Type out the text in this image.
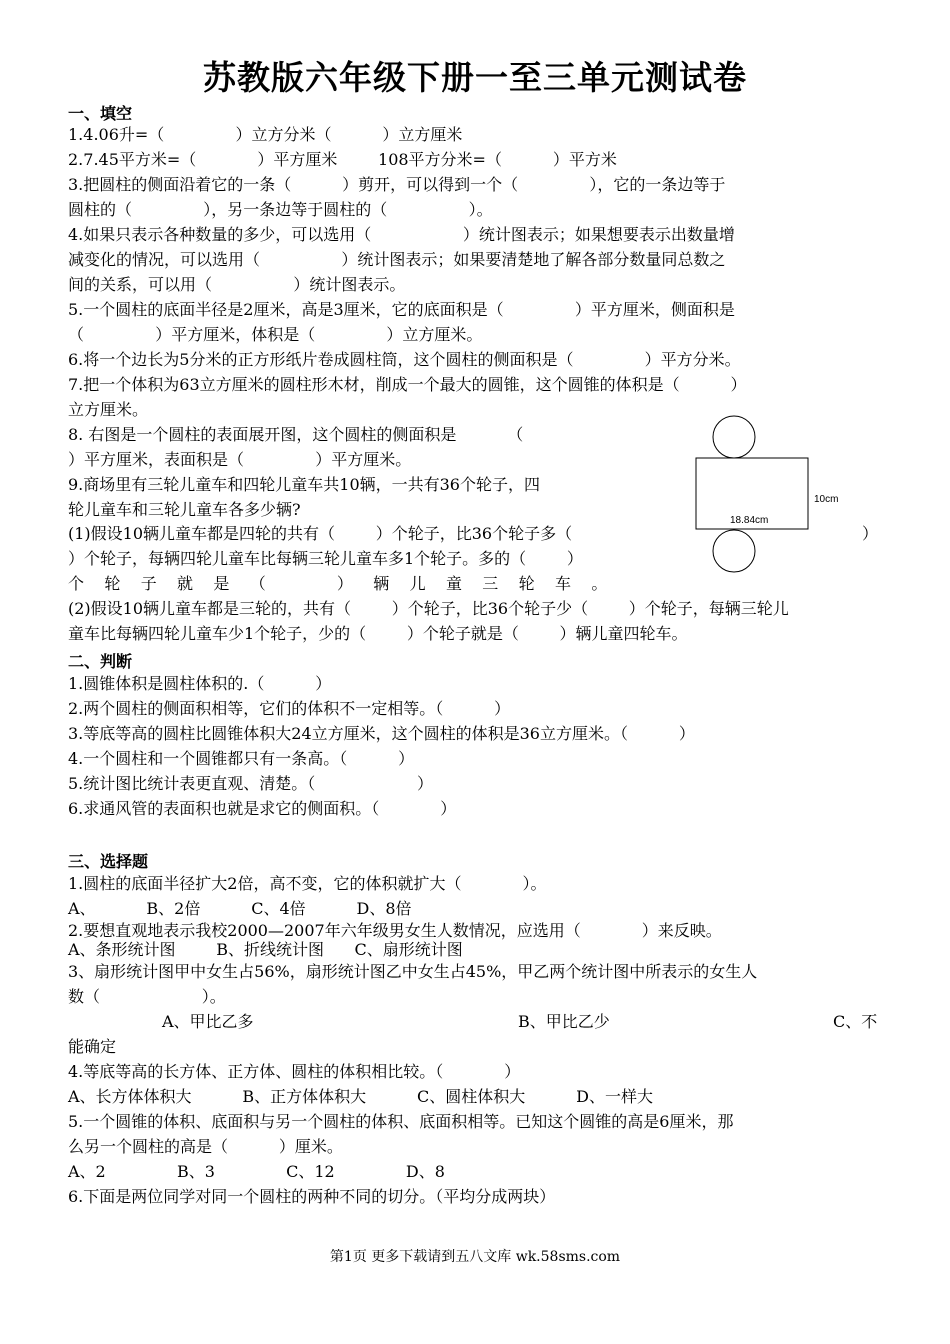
苏教版六年级下册一至三单元测试卷
一、填空
1.4.06升=（              ）立方分米（          ）立方厘米
2.7.45平方米=（            ）平方厘米        108平方分米=（          ）平方米
3.把圆柱的侧面沿着它的一条（          ）剪开，可以得到一个（              ），它的一条边等于
圆柱的（              ），另一条边等于圆柱的（                ）。
4.如果只表示各种数量的多少，可以选用（                  ）统计图表示；如果想要表示出数量增
减变化的情况，可以选用（                ）统计图表示；如果要清楚地了解各部分数量同总数之
间的关系，可以用（                ）统计图表示。
5.一个圆柱的底面半径是2厘米，高是3厘米，它的底面积是（              ）平方厘米，侧面积是
（              ）平方厘米，体积是（              ）立方厘米。
6.将一个边长为5分米的正方形纸片卷成圆柱筒，这个圆柱的侧面积是（              ）平方分米。
7.把一个体积为63立方厘米的圆柱形木材，削成一个最大的圆锥，这个圆锥的体积是（          ）
立方厘米。
8. 右图是一个圆柱的表面展开图，这个圆柱的侧面积是          （
）平方厘米，表面积是（              ）平方厘米。
9.商场里有三轮儿童车和四轮儿童车共10辆，一共有36个轮子，四
轮儿童车和三轮儿童车各多少辆?
(1)假设10辆儿童车都是四轮的共有（        ）个轮子，比36个轮子多（	）
）个轮子，每辆四轮儿童车比每辆三轮儿童车多1个轮子。多的（        ）
个    轮    子    就    是    （              ）    辆    儿    童    三    轮    车    。
(2)假设10辆儿童车都是三轮的，共有（        ）个轮子，比36个轮子少（        ）个轮子，每辆三轮儿
童车比每辆四轮儿童车少1个轮子，少的（        ）个轮子就是（        ）辆儿童四轮车。
10cm
18.84cm
二、判断
1.圆锥体积是圆柱体积的.（          ）
2.两个圆柱的侧面积相等，它们的体积不一定相等。（          ）
3.等底等高的圆柱比圆锥体积大24立方厘米，这个圆柱的体积是36立方厘米。（          ）
4.一个圆柱和一个圆锥都只有一条高。（          ）
5.统计图比统计表更直观、清楚。（                    ）
6.求通风管的表面积也就是求它的侧面积。（            ）
三、选择题
1.圆柱的底面半径扩大2倍，高不变，它的体积就扩大（            ）。
A、          B、2倍          C、4倍          D、8倍
2.要想直观地表示我校2000—2007年六年级男女生人数情况，应选用（            ）来反映。
A、条形统计图        B、折线统计图      C、扇形统计图
3、扇形统计图甲中女生占56%，扇形统计图乙中女生占45%，甲乙两个统计图中所表示的女生人
数（                    ）。
A、甲比乙多	B、甲比乙少	C、不
能确定
4.等底等高的长方体、正方体、圆柱的体积相比较。（            ）
A、长方体体积大          B、正方体体积大          C、圆柱体积大          D、一样大
5.一个圆锥的体积、底面积与另一个圆柱的体积、底面积相等。已知这个圆锥的高是6厘米，那
么另一个圆柱的高是（          ）厘米。
A、2              B、3              C、12              D、8
6.下面是两位同学对同一个圆柱的两种不同的切分。（平均分成两块）
第1页 更多下载请到五八文库 wk.58sms.com
